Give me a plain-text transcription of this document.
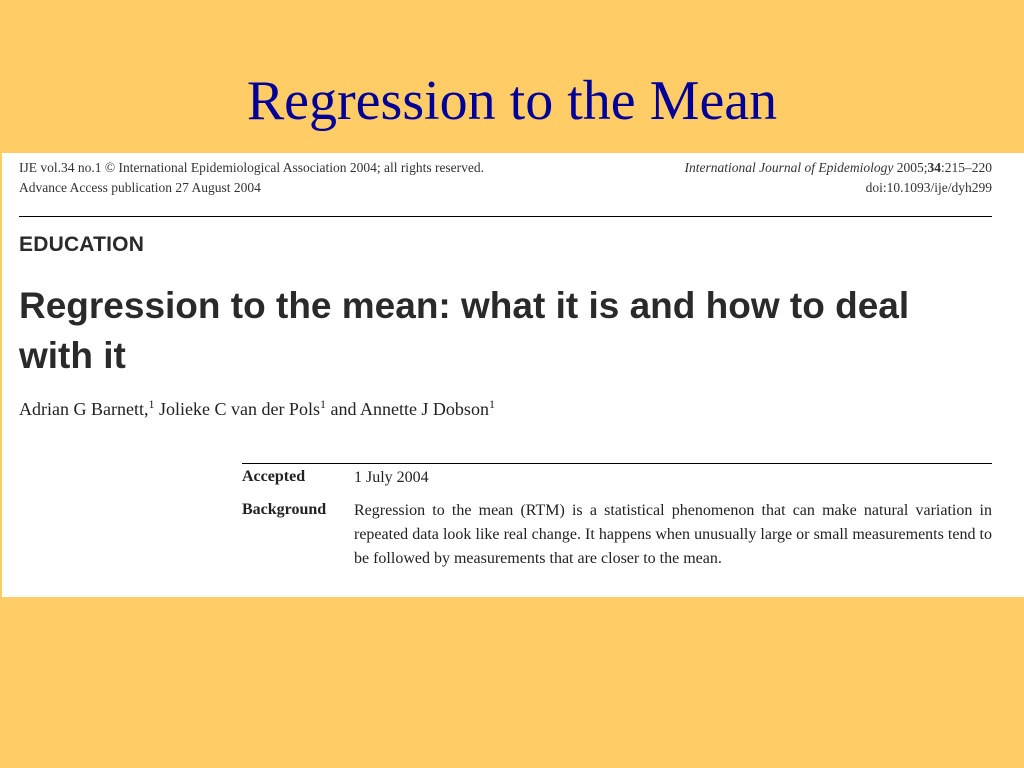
Regression to the Mean
IJE vol.34 no.1 © International Epidemiological Association 2004; all rights reserved.
Advance Access publication 27 August 2004
International Journal of Epidemiology 2005;34:215–220
doi:10.1093/ije/dyh299
EDUCATION
Regression to the mean: what it is and how to deal with it
Adrian G Barnett,$^1$ Jolieke C van der Pols$^1$ and Annette J Dobson$^1$
Accepted	1 July 2004
Background Regression to the mean (RTM) is a statistical phenomenon that can make natural variation in repeated data look like real change. It happens when unusually large or small measurements tend to be followed by measurements that are closer to the mean.
